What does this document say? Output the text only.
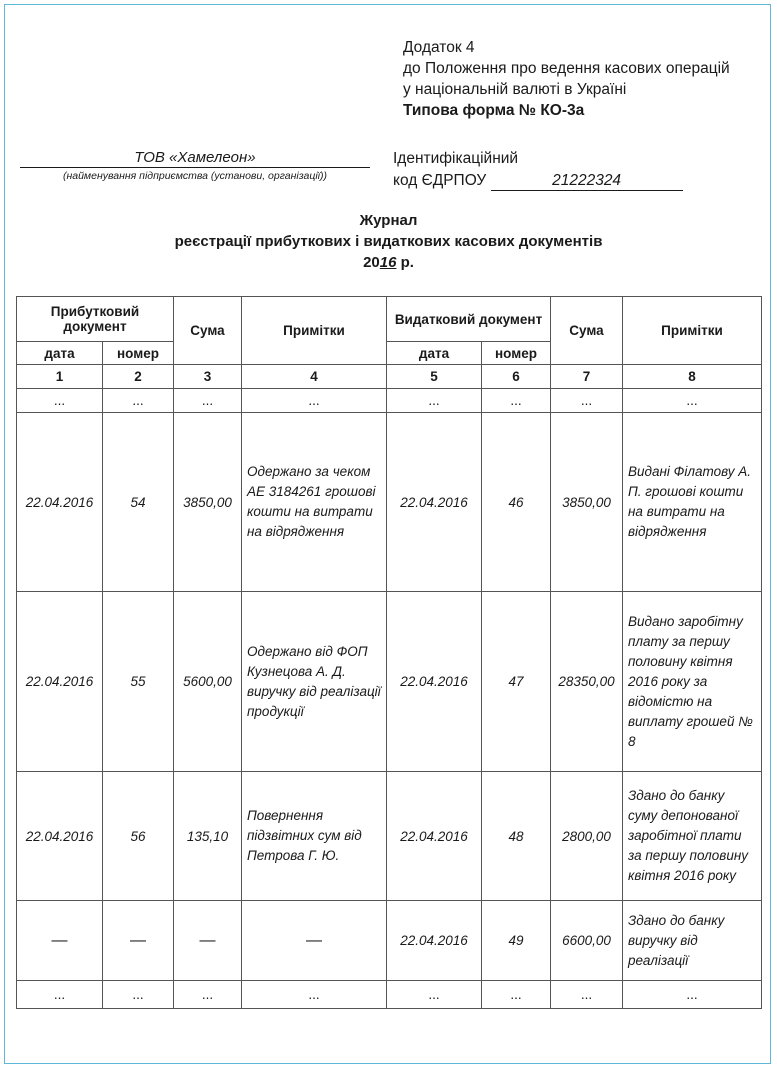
Додаток 4
до Положення про ведення касових операцій
у національній валюті в Україні
Типова форма № КО-3а
ТОВ «Хамелеон»
(найменування підприємства (установи, організації))
Ідентифікаційний
код ЄДРПОУ	21222324
Журнал
реєстрації прибуткових і видаткових касових документів
2016 р.
Прибутковий документ		Сума	Примітки	Видатковий документ		Сума	Примітки
дата	номер			дата	номер		
1	2	3	4	5	6	7	8
...	...	...	...	...	...	...	...
22.04.2016	54	3850,00	Одержано за чеком АЕ 3184261 грошові кошти на витрати на відрядження	22.04.2016	46	3850,00	Видані Філатову А. П. грошові кошти на витрати на відрядження
22.04.2016	55	5600,00	Одержано від ФОП Кузнецова А. Д. виручку від реалізації продукції	22.04.2016	47	28350,00	Видано заробітну плату за першу половину квітня 2016 року за відомістю на виплату грошей № 8
22.04.2016	56	135,10	Повернення підзвітних сум від Петрова Г. Ю.	22.04.2016	48	2800,00	Здано до банку суму депонованої заробітної плати за першу половину квітня 2016 року
—	—	—	—	22.04.2016	49	6600,00	Здано до банку виручку від реалізації
...	...	...	...	...	...	...	...
